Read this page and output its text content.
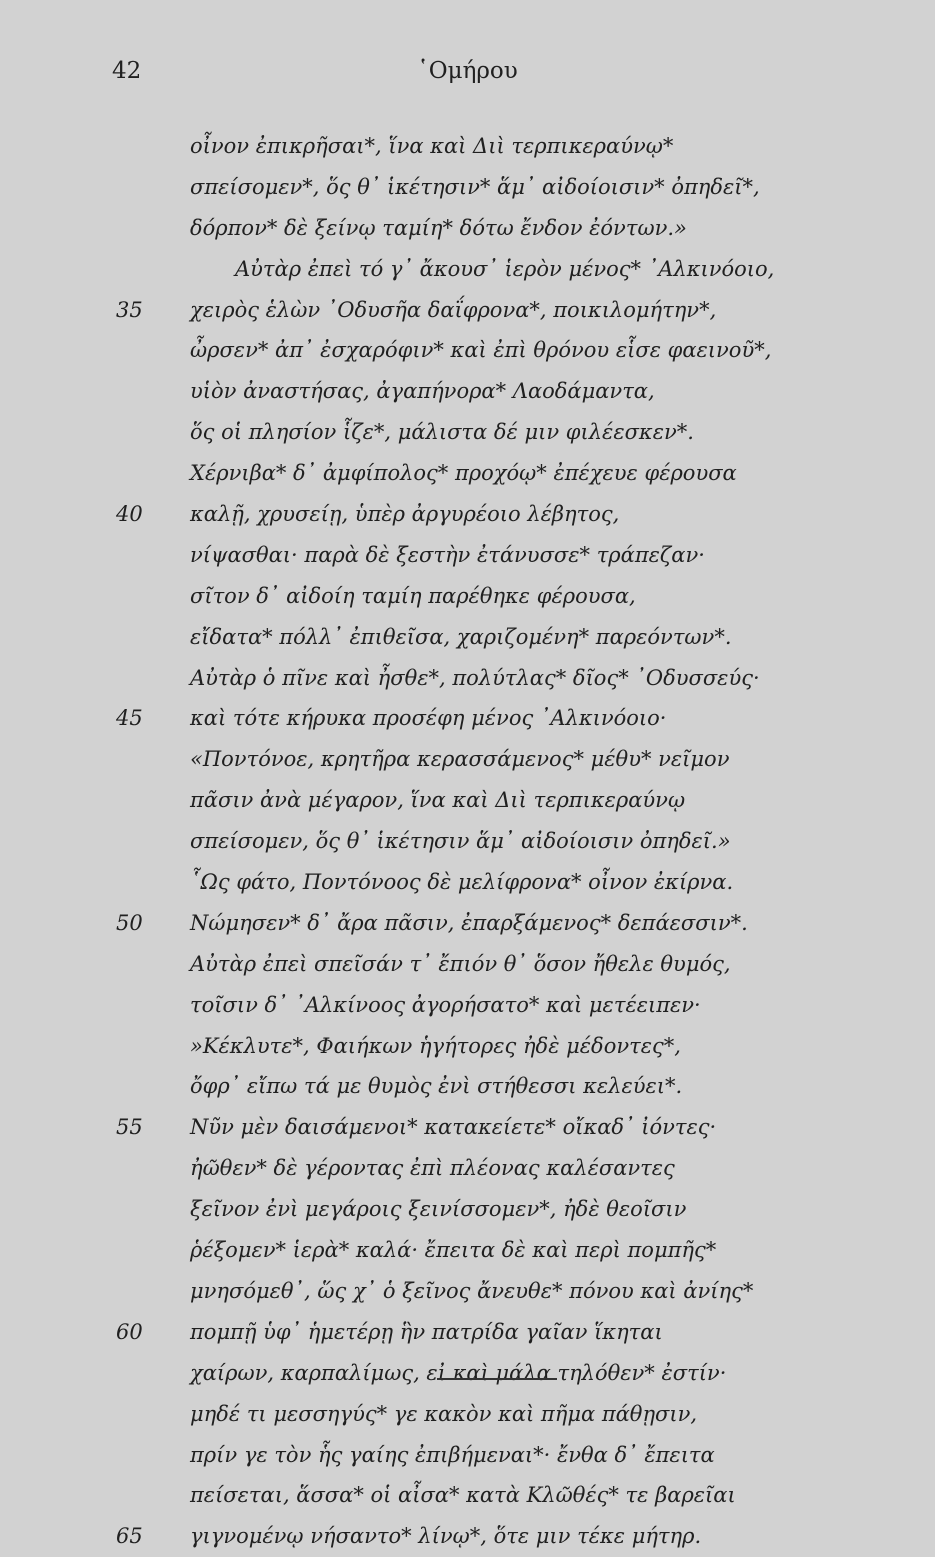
42	῾Ομήρου
οἶνον ἐπικρῆσαι*, ἵνα καὶ Διὶ τερπικεραύνῳ*
σπείσομεν*, ὅς θ᾿ ἱκέτησιν* ἅμ᾿ αἰδοίοισιν* ὀπηδεῖ*,
δόρπον* δὲ ξείνῳ ταμίη* δότω ἔνδον ἐόντων.»
Αὐτὰρ ἐπεὶ τό γ᾿ ἄκουσ᾿ ἱερὸν μένος* ᾿Αλκινόοιο,
35	χειρὸς ἑλὼν ᾿Οδυσῆα δαΐφρονα*, ποικιλομήτην*,
ὦρσεν* ἀπ᾿ ἐσχαρόφιν* καὶ ἐπὶ θρόνου εἷσε φαεινοῦ*,
υἱὸν ἀναστήσας, ἀγαπήνορα* Λαοδάμαντα,
ὅς οἱ πλησίον ἷζε*, μάλιστα δέ μιν φιλέεσκεν*.
Χέρνιβα* δ᾿ ἀμφίπολος* προχόῳ* ἐπέχευε φέρουσα
40	καλῇ, χρυσείῃ, ὑπὲρ ἀργυρέοιο λέβητος,
νίψασθαι· παρὰ δὲ ξεστὴν ἐτάνυσσε* τράπεζαν·
σῖτον δ᾿ αἰδοίη ταμίη παρέθηκε φέρουσα,
εἴδατα* πόλλ᾿ ἐπιθεῖσα, χαριζομένη* παρεόντων*.
Αὐτὰρ ὁ πῖνε καὶ ἦσθε*, πολύτλας* δῖος* ᾿Οδυσσεύς·
45	καὶ τότε κήρυκα προσέφη μένος ᾿Αλκινόοιο·
«Ποντόνοε, κρητῆρα κερασσάμενος* μέθυ* νεῖμον
πᾶσιν ἀνὰ μέγαρον, ἵνα καὶ Διὶ τερπικεραύνῳ
σπείσομεν, ὅς θ᾿ ἱκέτησιν ἅμ᾿ αἰδοίοισιν ὀπηδεῖ.»
῟Ως φάτο, Ποντόνοος δὲ μελίφρονα* οἶνον ἐκίρνα.
50	Νώμησεν* δ᾿ ἄρα πᾶσιν, ἐπαρξάμενος* δεπάεσσιν*.
Αὐτὰρ ἐπεὶ σπεῖσάν τ᾿ ἔπιόν θ᾿ ὅσον ἤθελε θυμός,
τοῖσιν δ᾿ ᾿Αλκίνοος ἀγορήσατο* καὶ μετέειπεν·
»Κέκλυτε*, Φαιήκων ἡγήτορες ἠδὲ μέδοντες*,
ὄφρ᾿ εἴπω τά με θυμὸς ἐνὶ στήθεσσι κελεύει*.
55	Νῦν μὲν δαισάμενοι* κατακείετε* οἴκαδ᾿ ἰόντες·
ἠῶθεν* δὲ γέροντας ἐπὶ πλέονας καλέσαντες
ξεῖνον ἐνὶ μεγάροις ξεινίσσομεν*, ἠδὲ θεοῖσιν
ῥέξομεν* ἱερὰ* καλά· ἔπειτα δὲ καὶ περὶ πομπῆς*
μνησόμεθ᾿, ὥς χ᾿ ὁ ξεῖνος ἄνευθε* πόνου καὶ ἀνίης*
60	πομπῇ ὑφ᾿ ἡμετέρῃ ἣν πατρίδα γαῖαν ἵκηται
χαίρων, καρπαλίμως, εἰ καὶ μάλα τηλόθεν* ἐστίν·
μηδέ τι μεσσηγύς* γε κακὸν καὶ πῆμα πάθῃσιν,
πρίν γε τὸν ἧς γαίης ἐπιβήμεναι*· ἔνθα δ᾿ ἔπειτα
πείσεται, ἅσσα* οἱ αἶσα* κατὰ Κλῶθές* τε βαρεῖαι
65	γιγνομένῳ νήσαντο* λίνῳ*, ὅτε μιν τέκε μήτηρ.
